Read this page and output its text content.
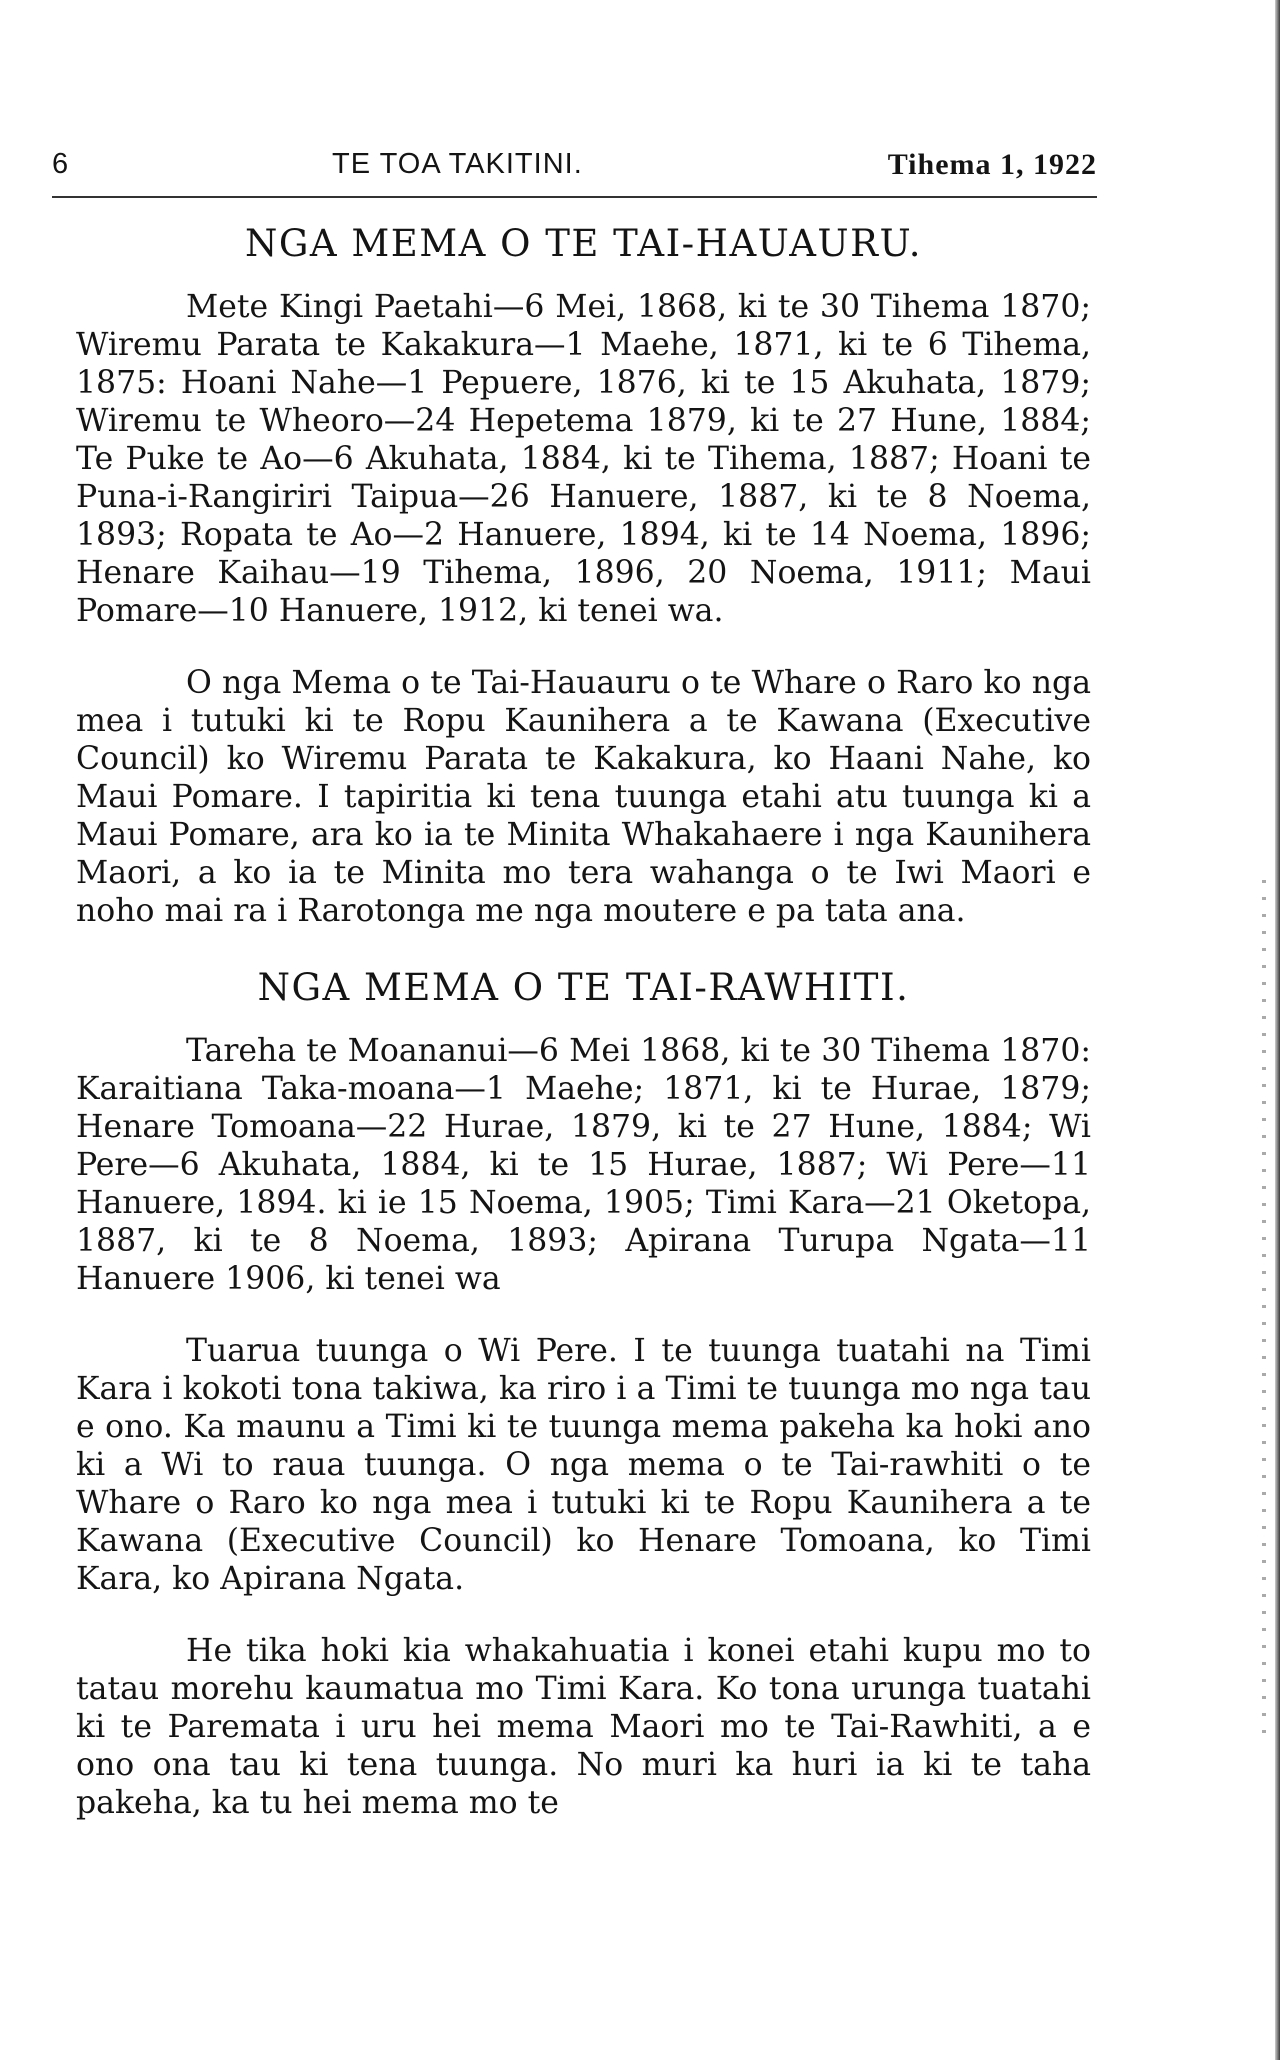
6	TE TOA TAKITINI.	Tihema 1, 1922
NGA MEMA O TE TAI-HAUAURU.

Mete Kingi Paetahi—6 Mei, 1868, ki te 30 Tihema 1870; Wiremu Parata te Kakakura—1 Maehe, 1871, ki te 6 Tihema, 1875: Hoani Nahe—1 Pepuere, 1876, ki te 15 Akuhata, 1879; Wiremu te Wheoro—24 Hepetema 1879, ki te 27 Hune, 1884; Te Puke te Ao—6 Akuhata, 1884, ki te Tihema, 1887; Hoani te Puna-i-Rangiriri Taipua—26 Hanuere, 1887, ki te 8 Noema, 1893; Ropata te Ao—2 Hanuere, 1894, ki te 14 Noema, 1896; Henare Kaihau—19 Tihema, 1896, 20 Noema, 1911; Maui Pomare—10 Hanuere, 1912, ki tenei wa.

O nga Mema o te Tai-Hauauru o te Whare o Raro ko nga mea i tutuki ki te Ropu Kaunihera a te Kawana (Executive Council) ko Wiremu Parata te Kakakura, ko Haani Nahe, ko Maui Pomare. I tapiritia ki tena tuunga etahi atu tuunga ki a Maui Pomare, ara ko ia te Minita Whakahaere i nga Kaunihera Maori, a ko ia te Minita mo tera wahanga o te Iwi Maori e noho mai ra i Rarotonga me nga moutere e pa tata ana.

NGA MEMA O TE TAI-RAWHITI.

Tareha te Moananui—6 Mei 1868, ki te 30 Tihema 1870: Karaitiana Taka-moana—1 Maehe; 1871, ki te Hurae, 1879; Henare Tomoana—22 Hurae, 1879, ki te 27 Hune, 1884; Wi Pere—6 Akuhata, 1884, ki te 15 Hurae, 1887; Wi Pere—11 Hanuere, 1894. ki ie 15 Noema, 1905; Timi Kara—21 Oketopa, 1887, ki te 8 Noema, 1893; Apirana Turupa Ngata—11 Hanuere 1906, ki tenei wa

Tuarua tuunga o Wi Pere. I te tuunga tuatahi na Timi Kara i kokoti tona takiwa, ka riro i a Timi te tuunga mo nga tau e ono. Ka maunu a Timi ki te tuunga mema pakeha ka hoki ano ki a Wi to raua tuunga. O nga mema o te Tai-rawhiti o te Whare o Raro ko nga mea i tutuki ki te Ropu Kaunihera a te Kawana (Executive Council) ko Henare Tomoana, ko Timi Kara, ko Apirana Ngata.

He tika hoki kia whakahuatia i konei etahi kupu mo to tatau morehu kaumatua mo Timi Kara. Ko tona urunga tuatahi ki te Paremata i uru hei mema Maori mo te Tai-Rawhiti, a e ono ona tau ki tena tuunga. No muri ka huri ia ki te taha pakeha, ka tu hei mema mo te
